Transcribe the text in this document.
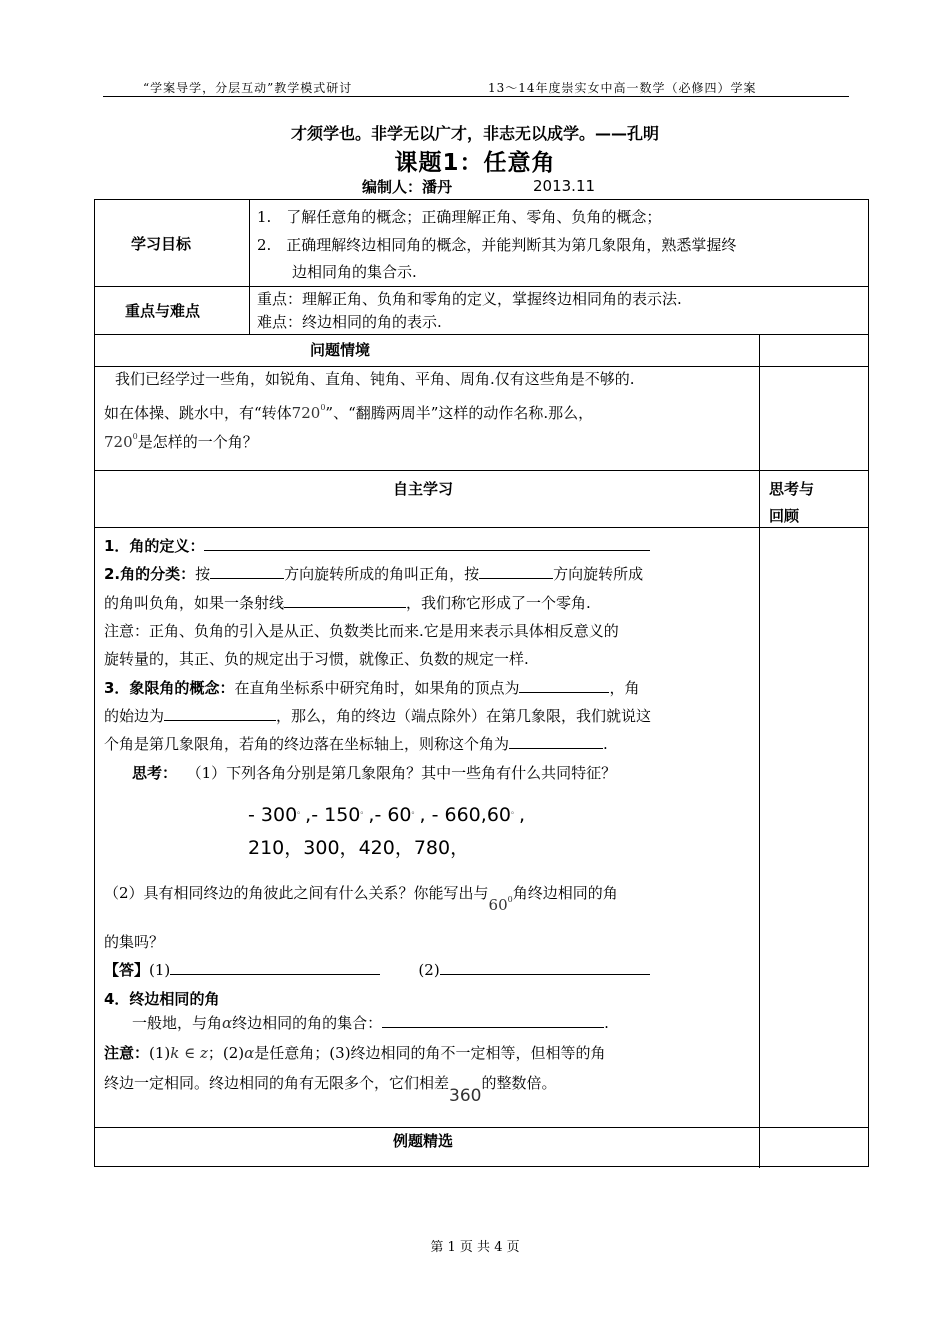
“学案导学，分层互动”教学模式研讨	13～14年度崇实女中高一数学（必修四）学案
才须学也。非学无以广才，非志无以成学。——孔明
课题1：任意角
编制人：潘丹	2013.11
学习目标
1.　了解任意角的概念；正确理解正角、零角、负角的概念；
2.　正确理解终边相同角的概念，并能判断其为第几象限角，熟悉掌握终
边相同角的集合示.
重点与难点
重点：理解正角、负角和零角的定义，掌握终边相同角的表示法.
难点：终边相同的角的表示.
问题情境
我们已经学过一些角，如锐角、直角、钝角、平角、周角.仅有这些角是不够的.
如在体操、跳水中，有“转体$720^0$”、“翻腾两周半”这样的动作名称.那么，
$720^0$是怎样的一个角？
自主学习	思考与
回顾
1．角的定义：
2.角的分类：按	方向旋转所成的角叫正角，按	方向旋转所成
的角叫负角，如果一条射线	，我们称它形成了一个零角.
注意：正角、负角的引入是从正、负数类比而来.它是用来表示具体相反意义的
旋转量的，其正、负的规定出于习惯，就像正、负数的规定一样.
3．象限角的概念：在直角坐标系中研究角时，如果角的顶点为	，角
的始边为	，那么，角的终边（端点除外）在第几象限，我们就说这
个角是第几象限角，若角的终边落在坐标轴上，则称这个角为	.
思考： （1）下列各角分别是第几象限角？其中一些角有什么共同特征？
- 300。,- 150。,- 60。, - 660,60。,
210，300，420，780，
（2）具有相同终边的角彼此之间有什么关系？你能写出与$60^0$角终边相同的角
的集吗？
【答】(1)	(2)
4．终边相同的角
一般地，与角α终边相同的角的集合：	.
注意：(1)k ∈ z；(2)α是任意角；(3)终边相同的角不一定相等，但相等的角
终边一定相同。终边相同的角有无限多个，它们相差360的整数倍。
例题精选
第 1 页 共 4 页
